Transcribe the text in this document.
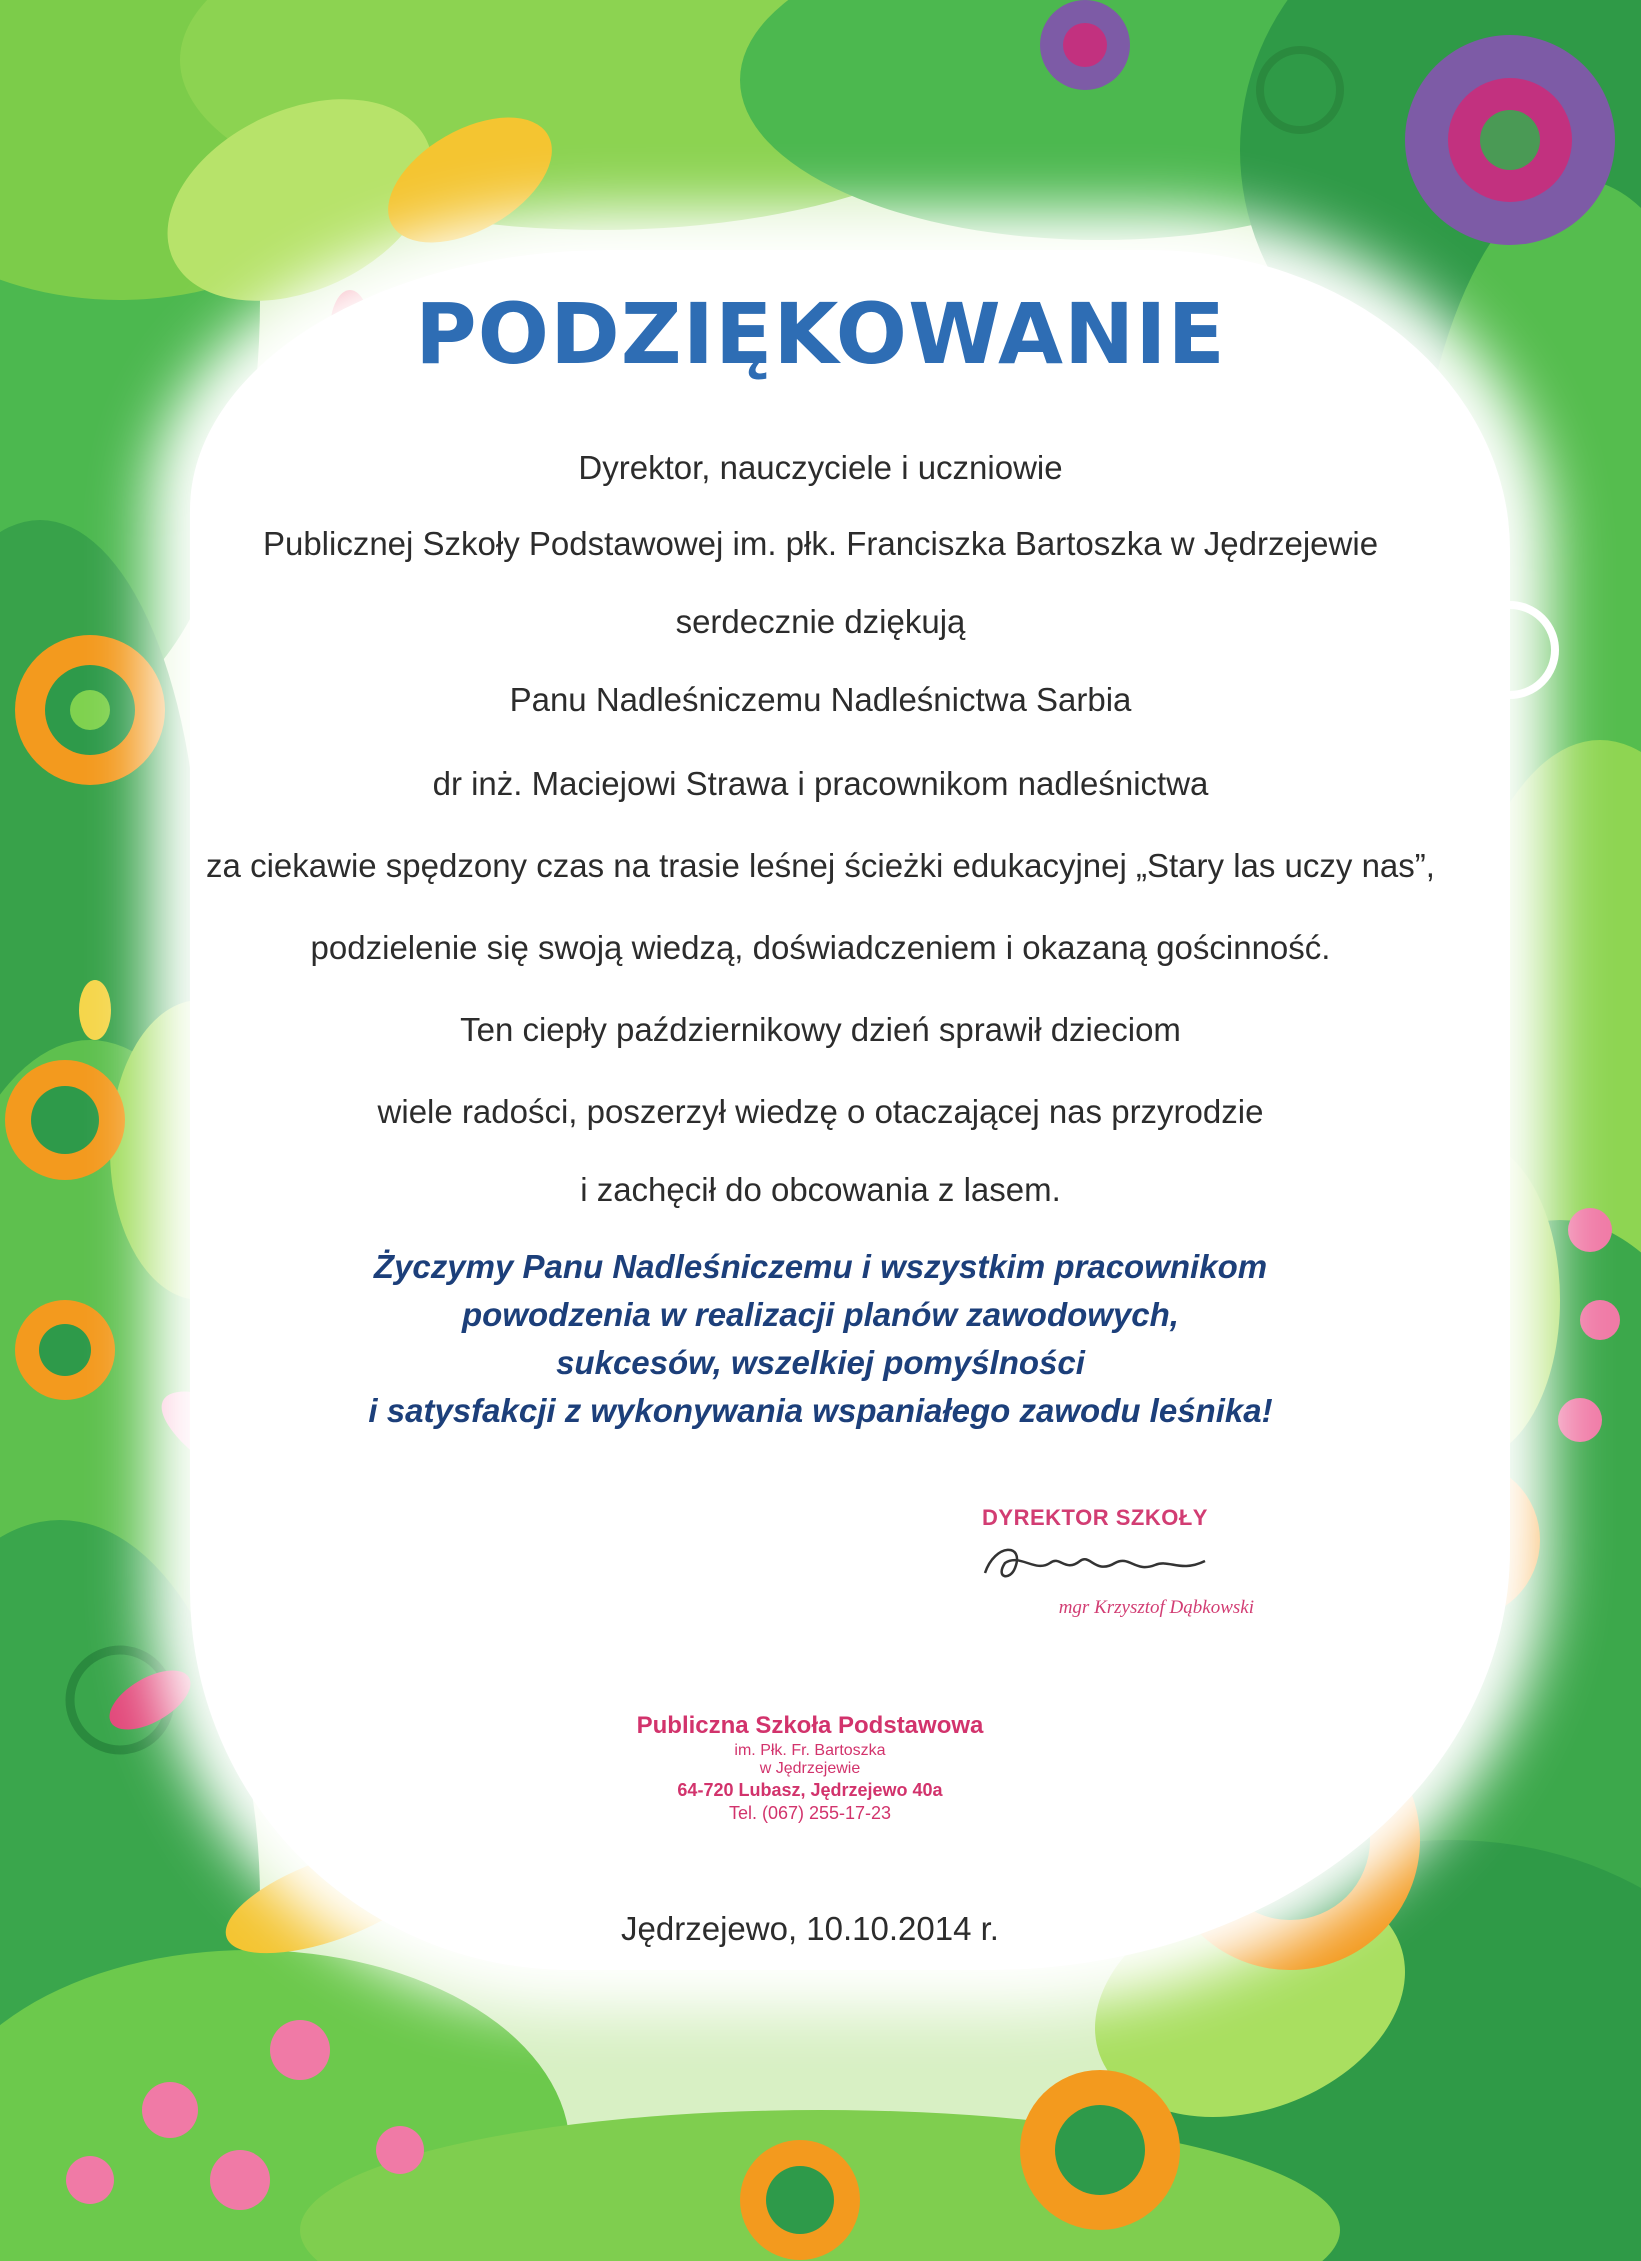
PODZIĘKOWANIE
Dyrektor, nauczyciele i uczniowie
Publicznej Szkoły Podstawowej im. płk. Franciszka Bartoszka w Jędrzejewie
serdecznie dziękują
Panu Nadleśniczemu Nadleśnictwa Sarbia
dr inż. Maciejowi Strawa i pracownikom nadleśnictwa
za ciekawie spędzony czas na trasie leśnej ścieżki edukacyjnej „Stary las uczy nas”,
podzielenie się swoją wiedzą, doświadczeniem i okazaną gościnność.
Ten ciepły październikowy dzień sprawił dzieciom
wiele radości, poszerzył wiedzę o otaczającej nas przyrodzie
i zachęcił do obcowania z lasem.
Życzymy Panu Nadleśniczemu i wszystkim pracownikom
powodzenia w realizacji planów zawodowych,
sukcesów, wszelkiej pomyślności
i satysfakcji z wykonywania wspaniałego zawodu leśnika!
DYREKTOR SZKOŁY
mgr Krzysztof Dąbkowski
Publiczna Szkoła Podstawowa
im. Płk. Fr. Bartoszka
w Jędrzejewie
64-720 Lubasz, Jędrzejewo 40a
Tel. (067) 255-17-23
Jędrzejewo, 10.10.2014 r.
